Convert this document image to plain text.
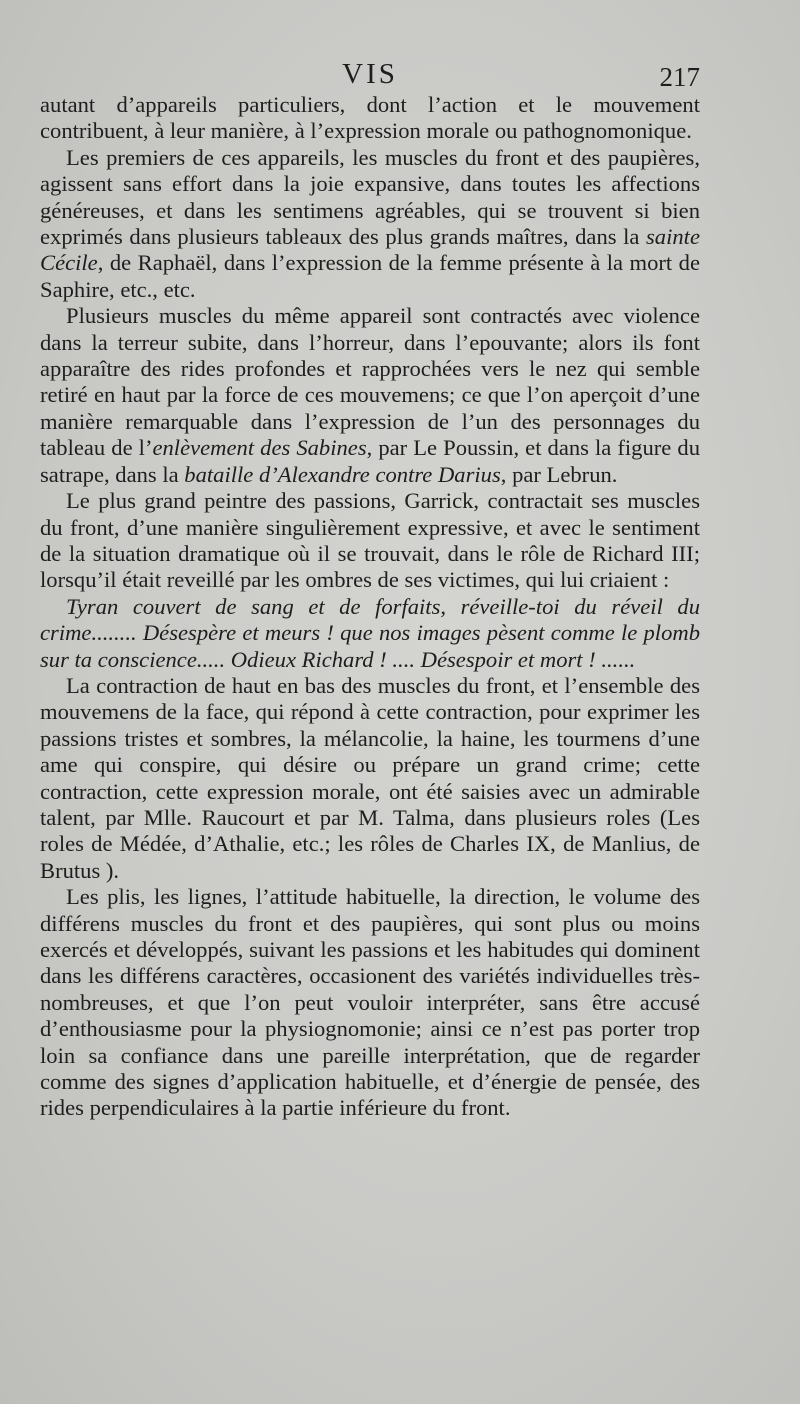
VIS	217

autant d’appareils particuliers, dont l’action et le mouvement contribuent, à leur manière, à l’expression morale ou pathognomonique.

Les premiers de ces appareils, les muscles du front et des paupières, agissent sans effort dans la joie expansive, dans toutes les affections généreuses, et dans les sentimens agréables, qui se trouvent si bien exprimés dans plusieurs tableaux des plus grands maîtres, dans la sainte Cécile, de Raphaël, dans l’expression de la femme présente à la mort de Saphire, etc., etc.

Plusieurs muscles du même appareil sont contractés avec violence dans la terreur subite, dans l’horreur, dans l’epouvante; alors ils font apparaître des rides profondes et rapprochées vers le nez qui semble retiré en haut par la force de ces mouvemens; ce que l’on aperçoit d’une manière remarquable dans l’expression de l’un des personnages du tableau de l’enlèvement des Sabines, par Le Poussin, et dans la figure du satrape, dans la bataille d’Alexandre contre Darius, par Lebrun.

Le plus grand peintre des passions, Garrick, contractait ses muscles du front, d’une manière singulièrement expressive, et avec le sentiment de la situation dramatique où il se trouvait, dans le rôle de Richard III; lorsqu’il était reveillé par les ombres de ses victimes, qui lui criaient :

Tyran couvert de sang et de forfaits, réveille-toi du réveil du crime........ Désespère et meurs ! que nos images pèsent comme le plomb sur ta conscience..... Odieux Richard ! .... Désespoir et mort ! ......

La contraction de haut en bas des muscles du front, et l’ensemble des mouvemens de la face, qui répond à cette contraction, pour exprimer les passions tristes et sombres, la mélancolie, la haine, les tourmens d’une ame qui conspire, qui désire ou prépare un grand crime; cette contraction, cette expression morale, ont été saisies avec un admirable talent, par Mlle. Raucourt et par M. Talma, dans plusieurs roles (Les roles de Médée, d’Athalie, etc.; les rôles de Charles IX, de Manlius, de Brutus ).

Les plis, les lignes, l’attitude habituelle, la direction, le volume des différens muscles du front et des paupières, qui sont plus ou moins exercés et développés, suivant les passions et les habitudes qui dominent dans les différens caractères, occasionent des variétés individuelles très-nombreuses, et que l’on peut vouloir interpréter, sans être accusé d’enthousiasme pour la physiognomonie; ainsi ce n’est pas porter trop loin sa confiance dans une pareille interprétation, que de regarder comme des signes d’application habituelle, et d’énergie de pensée, des rides perpendiculaires à la partie inférieure du front.
